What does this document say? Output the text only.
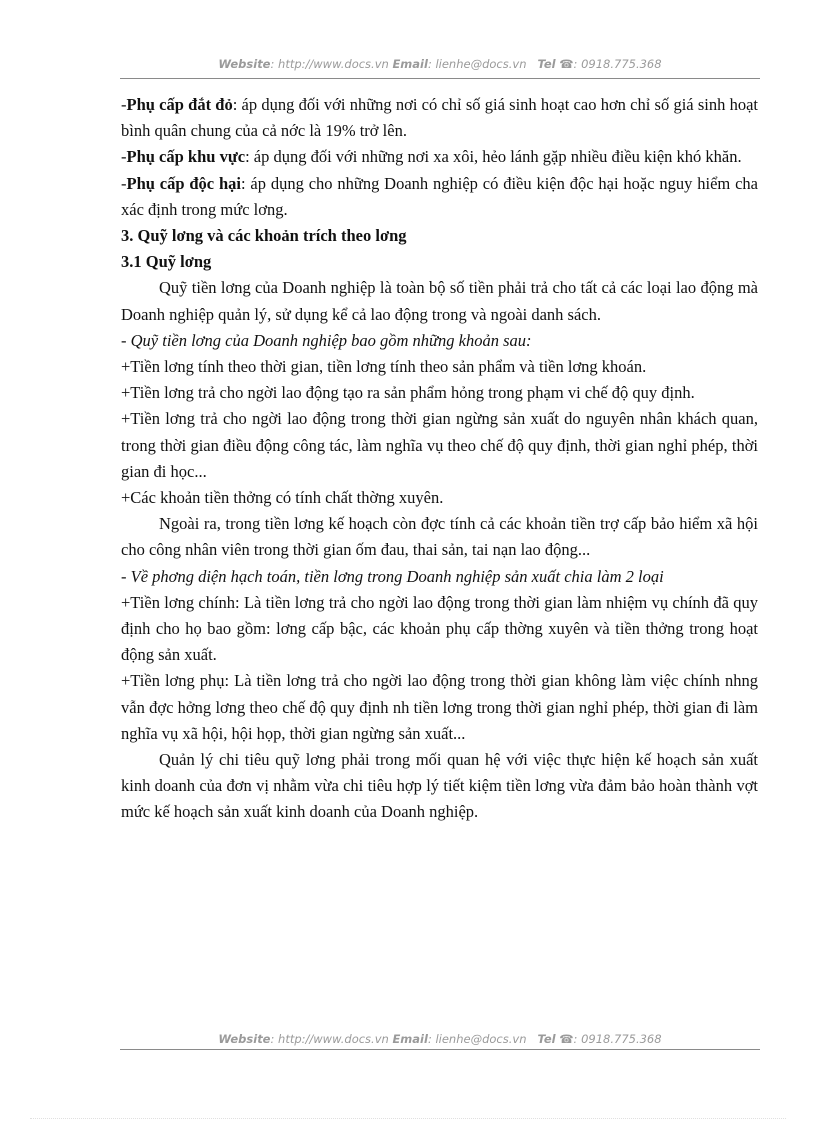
Website: http://www.docs.vn Email: lienhe@docs.vn Tel ☎: 0918.775.368

-Phụ cấp đắt đỏ: áp dụng đối với những nơi có chỉ số giá sinh hoạt cao hơn chỉ số giá sinh hoạt bình quân chung của cả nớc là 19% trở lên.

-Phụ cấp khu vực: áp dụng đối với những nơi xa xôi, hẻo lánh gặp nhiều điều kiện khó khăn.

-Phụ cấp độc hại: áp dụng cho những Doanh nghiệp có điều kiện độc hại hoặc nguy hiểm cha xác định trong mức lơng.

3. Quỹ lơng và các khoản trích theo lơng

3.1 Quỹ lơng

Quỹ tiền lơng của Doanh nghiệp là toàn bộ số tiền phải trả cho tất cả các loại lao động mà Doanh nghiệp quản lý, sử dụng kể cả lao động trong và ngoài danh sách.

- Quỹ tiền lơng của Doanh nghiệp bao gồm những khoản sau:

+Tiền lơng tính theo thời gian, tiền lơng tính theo sản phẩm và tiền lơng khoán.

+Tiền lơng trả cho ngời lao động tạo ra sản phẩm hỏng trong phạm vi chế độ quy định.

+Tiền lơng trả cho ngời lao động trong thời gian ngừng sản xuất do nguyên nhân khách quan, trong thời gian điều động công tác, làm nghĩa vụ theo chế độ quy định, thời gian nghỉ phép, thời gian đi học...

+Các khoản tiền thởng có tính chất thờng xuyên.

Ngoài ra, trong tiền lơng kế hoạch còn đợc tính cả các khoản tiền trợ cấp bảo hiểm xã hội cho công nhân viên trong thời gian ốm đau, thai sản, tai nạn lao động...

- Về phơng diện hạch toán, tiền lơng trong Doanh nghiệp sản xuất chia làm 2 loại

+Tiền lơng chính: Là tiền lơng trả cho ngời lao động trong thời gian làm nhiệm vụ chính đã quy định cho họ bao gồm: lơng cấp bậc, các khoản phụ cấp thờng xuyên và tiền thởng trong hoạt động sản xuất.

+Tiền lơng phụ: Là tiền lơng trả cho ngời lao động trong thời gian không làm việc chính nhng vẫn đợc hởng lơng theo chế độ quy định nh tiền lơng trong thời gian nghỉ phép, thời gian đi làm nghĩa vụ xã hội, hội họp, thời gian ngừng sản xuất...

Quản lý chi tiêu quỹ lơng phải trong mối quan hệ với việc thực hiện kế hoạch sản xuất kinh doanh của đơn vị nhằm vừa chi tiêu hợp lý tiết kiệm tiền lơng vừa đảm bảo hoàn thành vợt mức kế hoạch sản xuất kinh doanh của Doanh nghiệp.

Website: http://www.docs.vn Email: lienhe@docs.vn Tel ☎: 0918.775.368
